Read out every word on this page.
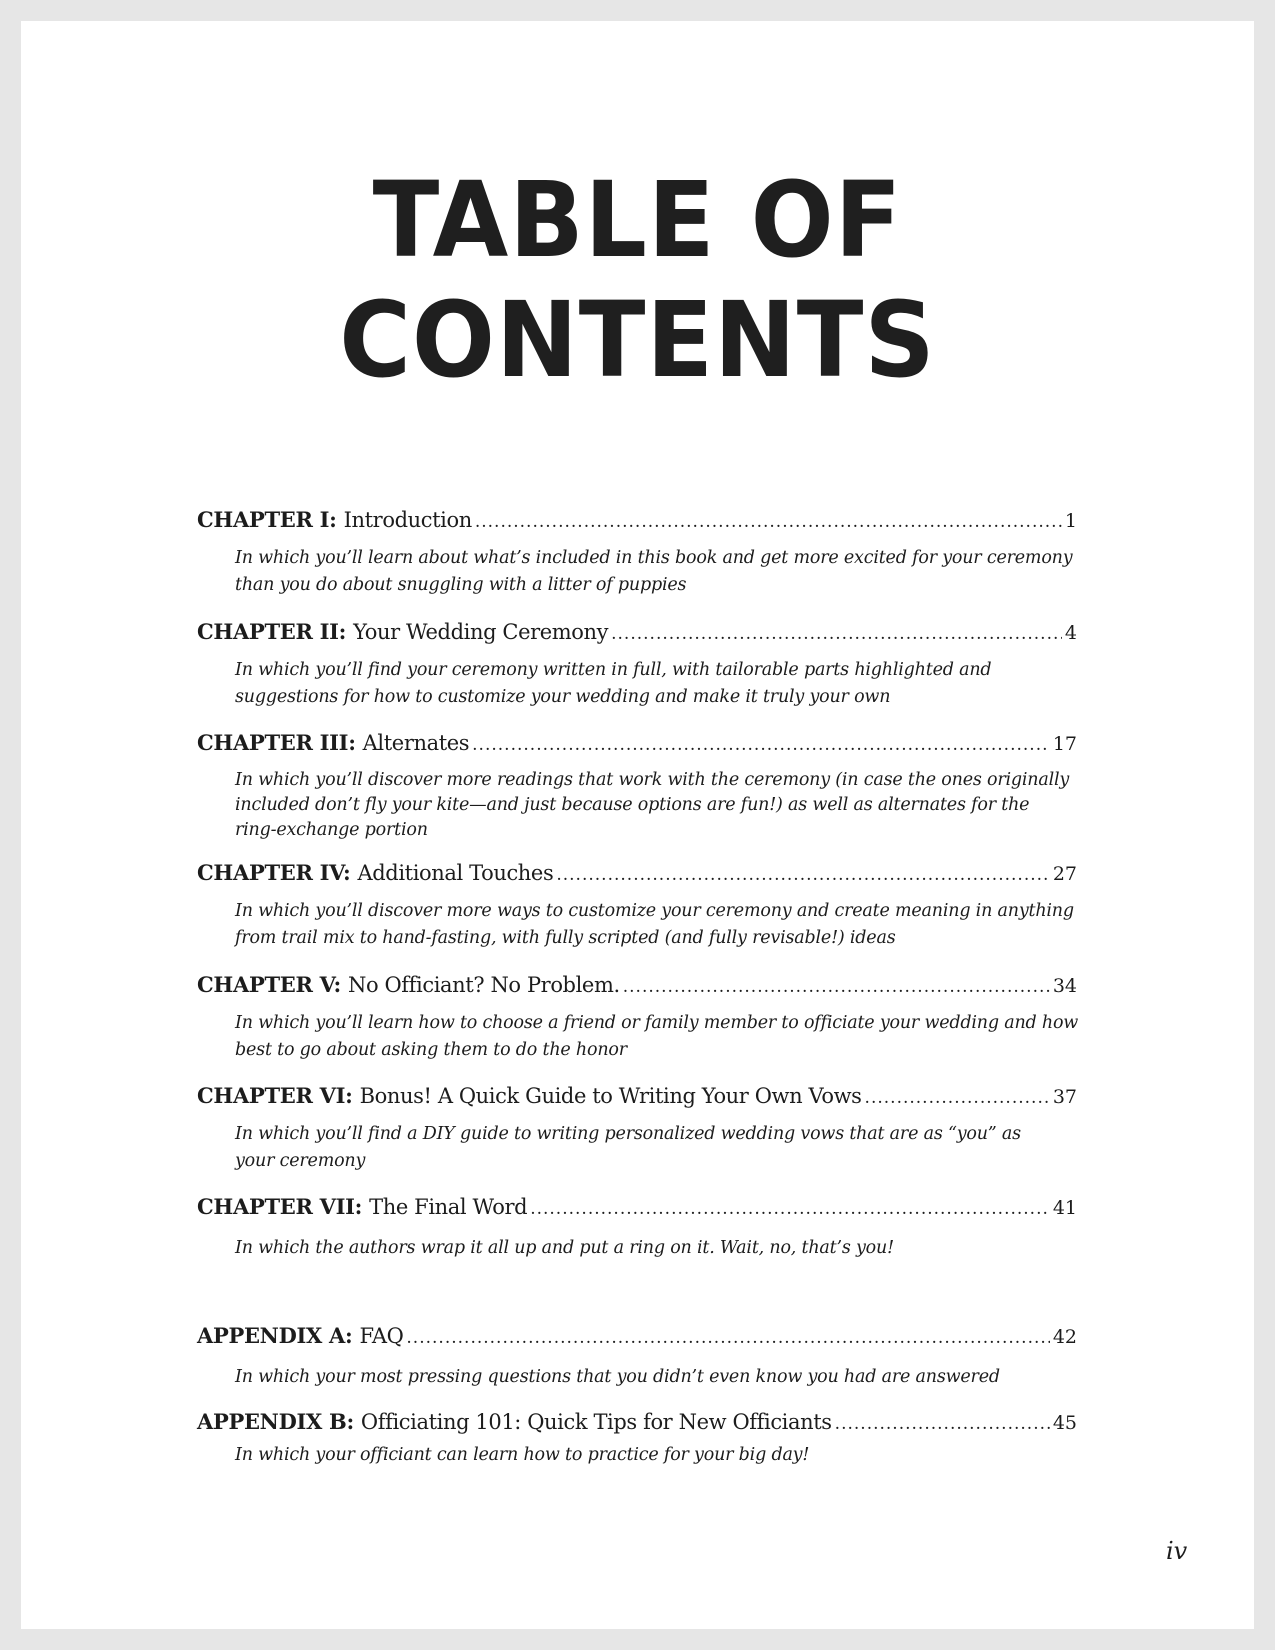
TABLE OF
CONTENTS
CHAPTER I: Introduction .....	1
In which you’ll learn about what’s included in this book and get more excited for your ceremony
than you do about snuggling with a litter of puppies
CHAPTER II: Your Wedding Ceremony .....	4
In which you’ll find your ceremony written in full, with tailorable parts highlighted and
suggestions for how to customize your wedding and make it truly your own
CHAPTER III: Alternates .....	17
In which you’ll discover more readings that work with the ceremony (in case the ones originally
included don’t fly your kite—and just because options are fun!) as well as alternates for the
ring-exchange portion
CHAPTER IV: Additional Touches .....	27
In which you’ll discover more ways to customize your ceremony and create meaning in anything
from trail mix to hand-fasting, with fully scripted (and fully revisable!) ideas
CHAPTER V: No Officiant? No Problem. .....	34
In which you’ll learn how to choose a friend or family member to officiate your wedding and how
best to go about asking them to do the honor
CHAPTER VI: Bonus! A Quick Guide to Writing Your Own Vows .....	37
In which you’ll find a DIY guide to writing personalized wedding vows that are as “you” as
your ceremony
CHAPTER VII: The Final Word .....	41
In which the authors wrap it all up and put a ring on it. Wait, no, that’s you!
APPENDIX A: FAQ .....	42
In which your most pressing questions that you didn’t even know you had are answered
APPENDIX B: Officiating 101: Quick Tips for New Officiants .....	45
In which your officiant can learn how to practice for your big day!
iv
